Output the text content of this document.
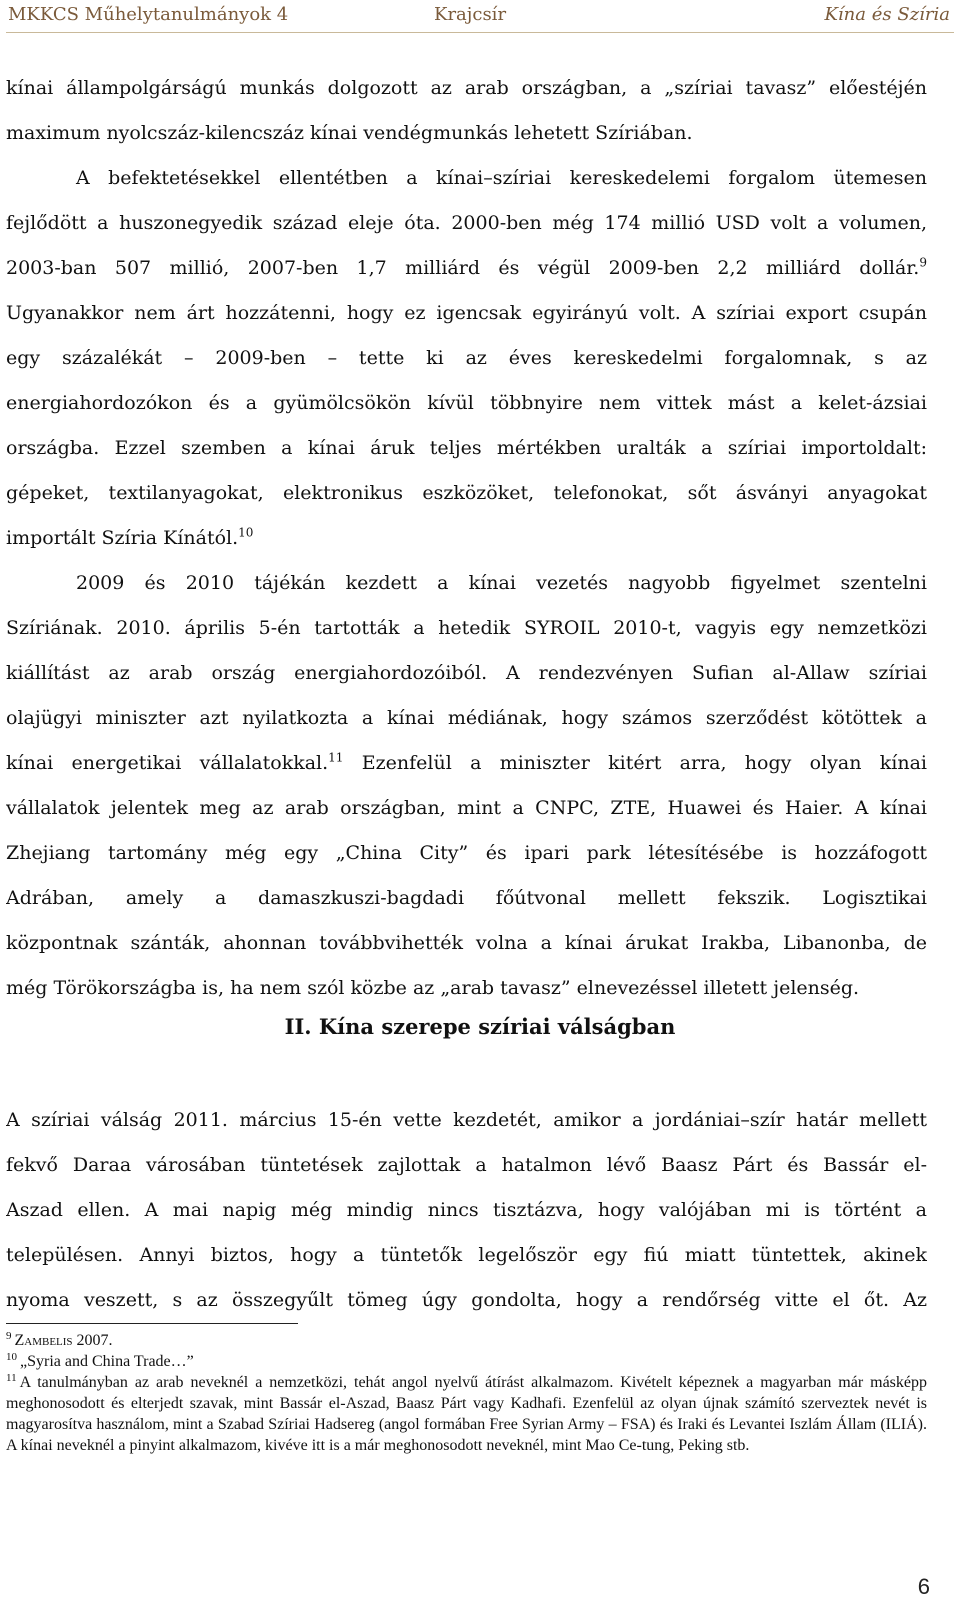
MKKCS Műhelytanulmányok 4	Krajcsír	Kína és Szíria
kínai állampolgárságú munkás dolgozott az arab országban, a „szíriai tavasz” előestéjén
maximum nyolcszáz-kilencszáz kínai vendégmunkás lehetett Szíriában.
A befektetésekkel ellentétben a kínai–szíriai kereskedelemi forgalom ütemesen
fejlődött a huszonegyedik század eleje óta. 2000-ben még 174 millió USD volt a volumen,
2003-ban 507 millió, 2007-ben 1,7 milliárd és végül 2009-ben 2,2 milliárd dollár.$^9$
Ugyanakkor nem árt hozzátenni, hogy ez igencsak egyirányú volt. A szíriai export csupán
egy százalékát – 2009-ben – tette ki az éves kereskedelmi forgalomnak, s az
energiahordozókon és a gyümölcsökön kívül többnyire nem vittek mást a kelet-ázsiai
országba. Ezzel szemben a kínai áruk teljes mértékben uralták a szíriai importoldalt:
gépeket, textilanyagokat, elektronikus eszközöket, telefonokat, sőt ásványi anyagokat
importált Szíria Kínától.$^{10}$
2009 és 2010 tájékán kezdett a kínai vezetés nagyobb figyelmet szentelni
Szíriának. 2010. április 5-én tartották a hetedik SYROIL 2010-t, vagyis egy nemzetközi
kiállítást az arab ország energiahordozóiból. A rendezvényen Sufian al-Allaw szíriai
olajügyi miniszter azt nyilatkozta a kínai médiának, hogy számos szerződést kötöttek a
kínai energetikai vállalatokkal.$^{11}$ Ezenfelül a miniszter kitért arra, hogy olyan kínai
vállalatok jelentek meg az arab országban, mint a CNPC, ZTE, Huawei és Haier. A kínai
Zhejiang tartomány még egy „China City” és ipari park létesítésébe is hozzáfogott
Adrában, amely a damaszkuszi-bagdadi főútvonal mellett fekszik. Logisztikai
központnak szánták, ahonnan továbbvihették volna a kínai árukat Irakba, Libanonba, de
még Törökországba is, ha nem szól közbe az „arab tavasz” elnevezéssel illetett jelenség.
II. Kína szerepe szíriai válságban
A szíriai válság 2011. március 15-én vette kezdetét, amikor a jordániai–szír határ mellett
fekvő Daraa városában tüntetések zajlottak a hatalmon lévő Baasz Párt és Bassár el-
Aszad ellen. A mai napig még mindig nincs tisztázva, hogy valójában mi is történt a
településen. Annyi biztos, hogy a tüntetők legelőször egy fiú miatt tüntettek, akinek
nyoma veszett, s az összegyűlt tömeg úgy gondolta, hogy a rendőrség vitte el őt. Az
$^9$ Zambelis 2007.
$^{10}$ „Syria and China Trade…”
$^{11}$ A tanulmányban az arab neveknél a nemzetközi, tehát angol nyelvű átírást alkalmazom. Kivételt képeznek a magyarban már másképp meghonosodott és elterjedt szavak, mint Bassár el-Aszad, Baasz Párt vagy Kadhafi. Ezenfelül az olyan újnak számító szerveztek nevét is magyarosítva használom, mint a Szabad Szíriai Hadsereg (angol formában Free Syrian Army – FSA) és Iraki és Levantei Iszlám Állam (ILIÁ). A kínai neveknél a pinyint alkalmazom, kivéve itt is a már meghonosodott neveknél, mint Mao Ce-tung, Peking stb.
6
